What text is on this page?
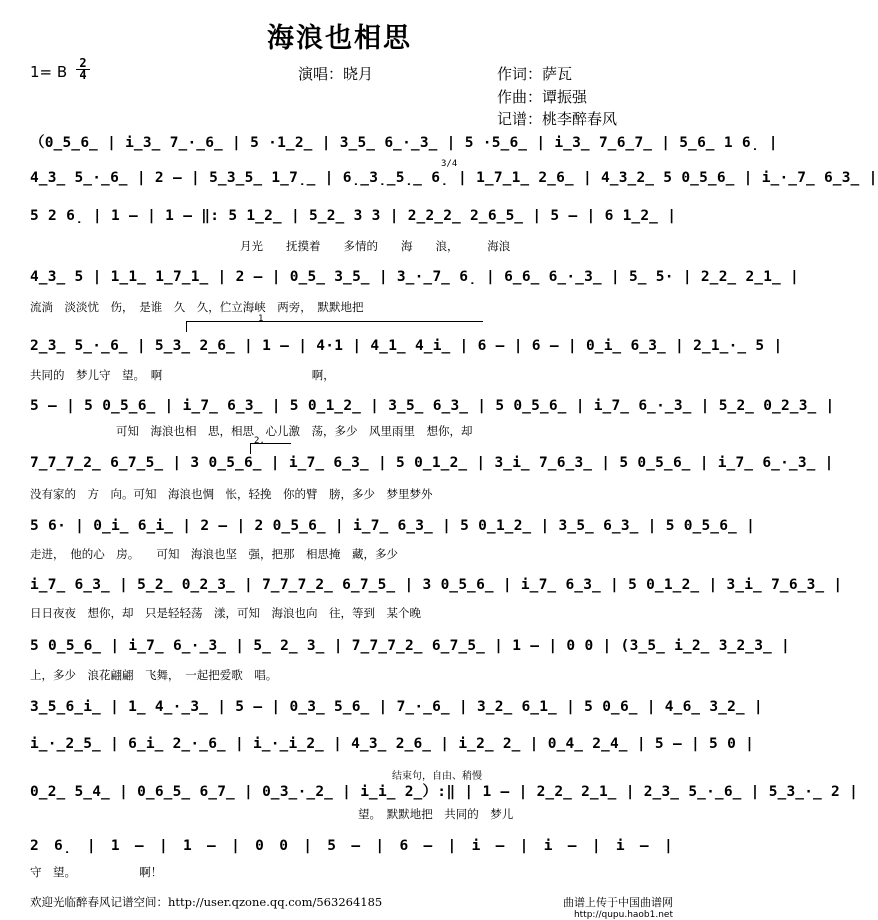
海浪也相思
1= B 2
4	演唱：晓月	作词：萨瓦
作曲：谭振强
记谱：桃李醉春风
3/4
1
2.
结束句，自由、稍慢
（0̲5̲6̲ | i̲3̲ 7̲·̲6̲ | 5 ·1̲2̲ | 3̲5̲ 6̲·̲3̲ | 5 ·5̲6̲ | i̲3̲ 7̲6̲7̲ | 5̲6̲ 1 6̣ |
4̲3̲ 5̲·̲6̲ | 2 – | 5̲3̲5̲ 1̲7̣̲ | 6̣̲3̣̲5̣̲ 6̣ | 1̲7̲1̲ 2̲6̲ | 4̲3̲2̲ 5 0̲5̲6̲ | i̲·̲7̲ 6̲3̲ |
5 2 6̣ | 1 – | 1 – ‖: 5 1̲2̲ | 5̲2̲ 3 3 | 2̲2̲2̲ 2̲6̲5̲ | 5 – | 6 1̲2̲ |
月光　　抚摸着　　多情的　　海　　浪，　　　海浪
4̲3̲ 5 | 1̲1̲ 1̲7̲1̲ | 2 – | 0̲5̲ 3̲5̲ | 3̲·̲7̲ 6̣ | 6̲6̲ 6̲·̲3̲ | 5̲ 5· | 2̲2̲ 2̲1̲ |
流淌　淡淡忧　伤，　是谁　久　久，伫立海峡　两旁，　默默地把
2̲3̲ 5̲·̲6̲ | 5̲3̲ 2̲6̲ | 1 – | 4·1 | 4̲1̲ 4̲i̲ | 6 – | 6 – | 0̲i̲ 6̲3̲ | 2̲1̲·̲ 5 |
共同的　梦儿守　望。　啊　　　　　　　　　　　　　啊，
5 – | 5 0̲5̲6̲ | i̲7̲ 6̲3̲ | 5 0̲1̲2̲ | 3̲5̲ 6̲3̲ | 5 0̲5̲6̲ | i̲7̲ 6̲·̲3̲ | 5̲2̲ 0̲2̲3̲ |
可知　海浪也相　思，相思　心儿激　荡，多少　风里雨里　想你，却
7̲7̲7̲2̲ 6̲7̲5̲ | 3 0̲5̲6̲ | i̲7̲ 6̲3̲ | 5 0̲1̲2̲ | 3̲i̲ 7̲6̲3̲ | 5 0̲5̲6̲ | i̲7̲ 6̲·̲3̲ |
没有家的　方　向。可知　海浪也惆　怅，轻挽　你的臂　膀，多少　梦里梦外
5 6· | 0̲i̲ 6̲i̲ | 2 – | 2 0̲5̲6̲ | i̲7̲ 6̲3̲ | 5 0̲1̲2̲ | 3̲5̲ 6̲3̲ | 5 0̲5̲6̲ |
走进，　他的心　房。　　可知　海浪也坚　强，把那　相思掩　藏，多少
i̲7̲ 6̲3̲ | 5̲2̲ 0̲2̲3̲ | 7̲7̲7̲2̲ 6̲7̲5̲ | 3 0̲5̲6̲ | i̲7̲ 6̲3̲ | 5 0̲1̲2̲ | 3̲i̲ 7̲6̲3̲ |
日日夜夜　想你，却　只是轻轻荡　漾，可知　海浪也向　往，等到　某个晚
5 0̲5̲6̲ | i̲7̲ 6̲·̲3̲ | 5̲ 2̲ 3̲ | 7̲7̲7̲2̲ 6̲7̲5̲ | 1 – | 0 0 | (3̲5̲ i̲2̲ 3̲2̲3̲ |
上，多少　浪花翩翩　飞舞，　一起把爱歌　唱。
3̲5̲6̲i̲ | 1̲ 4̲·̲3̲ | 5 – | 0̲3̲ 5̲6̲ | 7̲·̲6̲ | 3̲2̲ 6̲1̲ | 5 0̲6̲ | 4̲6̲ 3̲2̲ |
i̲·̲2̲5̲ | 6̲i̲ 2̲·̲6̲ | i̲·̲i̲2̲ | 4̲3̲ 2̲6̲ | i̲2̲ 2̲ | 0̲4̲ 2̲4̲ | 5 – | 5 0 |
0̲2̲ 5̲4̲ | 0̲6̲5̲ 6̲7̲ | 0̲3̲·̲2̲ | i̲i̲ 2̲）:‖ | 1 – | 2̲2̲ 2̲1̲ | 2̲3̲ 5̲·̲6̲ | 5̲3̲·̲ 2 |
望。　默默地把　共同的　梦儿
2 6̣ | 1 – | 1 – | 0 0 | 5 – | 6 – | i – | i – | i – |
守　望。　　　　　　啊！
欢迎光临醉春风记谱空间：http://user.qzone.qq.com/563264185	曲谱上传于中国曲谱网
http://qupu.haob1.net
